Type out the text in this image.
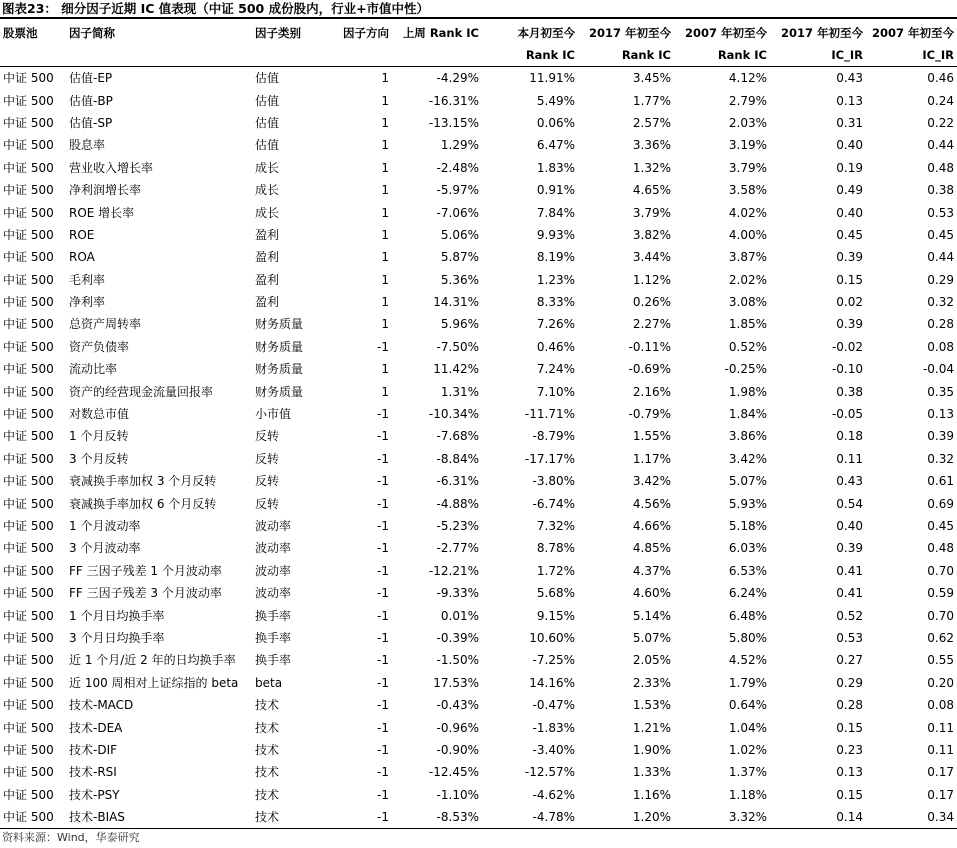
图表23： 细分因子近期 IC 值表现（中证 500 成份股内，行业+市值中性）
股票池	因子简称	因子类别	因子方向	上周 Rank IC	本月初至今	2017 年初至今	2007 年初至今	2017 年初至今	2007 年初至今
					Rank IC	Rank IC	Rank IC	IC_IR	IC_IR
中证 500	估值-EP	估值	1	-4.29%	11.91%	3.45%	4.12%	0.43	0.46
中证 500	估值-BP	估值	1	-16.31%	5.49%	1.77%	2.79%	0.13	0.24
中证 500	估值-SP	估值	1	-13.15%	0.06%	2.57%	2.03%	0.31	0.22
中证 500	股息率	估值	1	1.29%	6.47%	3.36%	3.19%	0.40	0.44
中证 500	营业收入增长率	成长	1	-2.48%	1.83%	1.32%	3.79%	0.19	0.48
中证 500	净利润增长率	成长	1	-5.97%	0.91%	4.65%	3.58%	0.49	0.38
中证 500	ROE 增长率	成长	1	-7.06%	7.84%	3.79%	4.02%	0.40	0.53
中证 500	ROE	盈利	1	5.06%	9.93%	3.82%	4.00%	0.45	0.45
中证 500	ROA	盈利	1	5.87%	8.19%	3.44%	3.87%	0.39	0.44
中证 500	毛利率	盈利	1	5.36%	1.23%	1.12%	2.02%	0.15	0.29
中证 500	净利率	盈利	1	14.31%	8.33%	0.26%	3.08%	0.02	0.32
中证 500	总资产周转率	财务质量	1	5.96%	7.26%	2.27%	1.85%	0.39	0.28
中证 500	资产负债率	财务质量	-1	-7.50%	0.46%	-0.11%	0.52%	-0.02	0.08
中证 500	流动比率	财务质量	1	11.42%	7.24%	-0.69%	-0.25%	-0.10	-0.04
中证 500	资产的经营现金流量回报率	财务质量	1	1.31%	7.10%	2.16%	1.98%	0.38	0.35
中证 500	对数总市值	小市值	-1	-10.34%	-11.71%	-0.79%	1.84%	-0.05	0.13
中证 500	1 个月反转	反转	-1	-7.68%	-8.79%	1.55%	3.86%	0.18	0.39
中证 500	3 个月反转	反转	-1	-8.84%	-17.17%	1.17%	3.42%	0.11	0.32
中证 500	衰减换手率加权 3 个月反转	反转	-1	-6.31%	-3.80%	3.42%	5.07%	0.43	0.61
中证 500	衰减换手率加权 6 个月反转	反转	-1	-4.88%	-6.74%	4.56%	5.93%	0.54	0.69
中证 500	1 个月波动率	波动率	-1	-5.23%	7.32%	4.66%	5.18%	0.40	0.45
中证 500	3 个月波动率	波动率	-1	-2.77%	8.78%	4.85%	6.03%	0.39	0.48
中证 500	FF 三因子残差 1 个月波动率	波动率	-1	-12.21%	1.72%	4.37%	6.53%	0.41	0.70
中证 500	FF 三因子残差 3 个月波动率	波动率	-1	-9.33%	5.68%	4.60%	6.24%	0.41	0.59
中证 500	1 个月日均换手率	换手率	-1	0.01%	9.15%	5.14%	6.48%	0.52	0.70
中证 500	3 个月日均换手率	换手率	-1	-0.39%	10.60%	5.07%	5.80%	0.53	0.62
中证 500	近 1 个月/近 2 年的日均换手率	换手率	-1	-1.50%	-7.25%	2.05%	4.52%	0.27	0.55
中证 500	近 100 周相对上证综指的 beta	beta	-1	17.53%	14.16%	2.33%	1.79%	0.29	0.20
中证 500	技术-MACD	技术	-1	-0.43%	-0.47%	1.53%	0.64%	0.28	0.08
中证 500	技术-DEA	技术	-1	-0.96%	-1.83%	1.21%	1.04%	0.15	0.11
中证 500	技术-DIF	技术	-1	-0.90%	-3.40%	1.90%	1.02%	0.23	0.11
中证 500	技术-RSI	技术	-1	-12.45%	-12.57%	1.33%	1.37%	0.13	0.17
中证 500	技术-PSY	技术	-1	-1.10%	-4.62%	1.16%	1.18%	0.15	0.17
中证 500	技术-BIAS	技术	-1	-8.53%	-4.78%	1.20%	3.32%	0.14	0.34
资料来源：Wind，华泰研究
